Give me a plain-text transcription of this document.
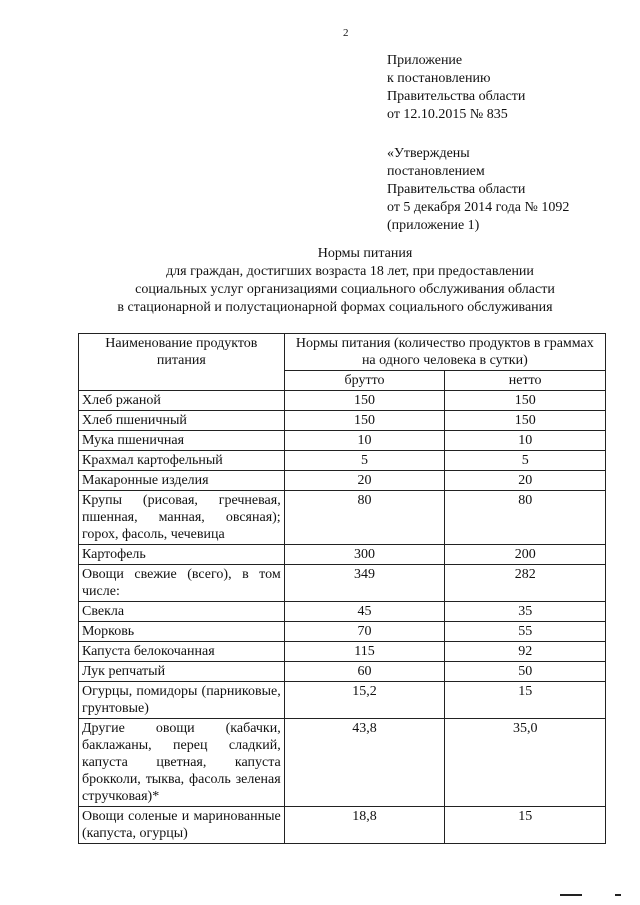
2
Приложение
к постановлению
Правительства области
от 12.10.2015 № 835
«Утверждены
постановлением
Правительства области
от 5 декабря 2014 года № 1092
(приложение 1)
Нормы питания
для граждан, достигших возраста 18 лет, при предоставлении
социальных услуг организациями социального обслуживания области
в стационарной и полустационарной формах социального обслуживания
Наименование продуктов питания	Нормы питания (количество продуктов в граммах на одного человека в сутки)	
	брутто	нетто
Хлеб ржаной	150	150
Хлеб пшеничный	150	150
Мука пшеничная	10	10
Крахмал картофельный	5	5
Макаронные изделия	20	20
Крупы (рисовая, гречневая, пшенная, манная, овсяная); горох, фасоль, чечевица	80	80
Картофель	300	200
Овощи свежие (всего), в том числе:	349	282
Свекла	45	35
Морковь	70	55
Капуста белокочанная	115	92
Лук репчатый	60	50
Огурцы, помидоры (парниковые, грунтовые)	15,2	15
Другие овощи (кабачки, баклажаны, перец сладкий, капуста цветная, капуста брокколи, тыква, фасоль зеленая стручковая)*	43,8	35,0
Овощи соленые и маринованные (капуста, огурцы)	18,8	15
